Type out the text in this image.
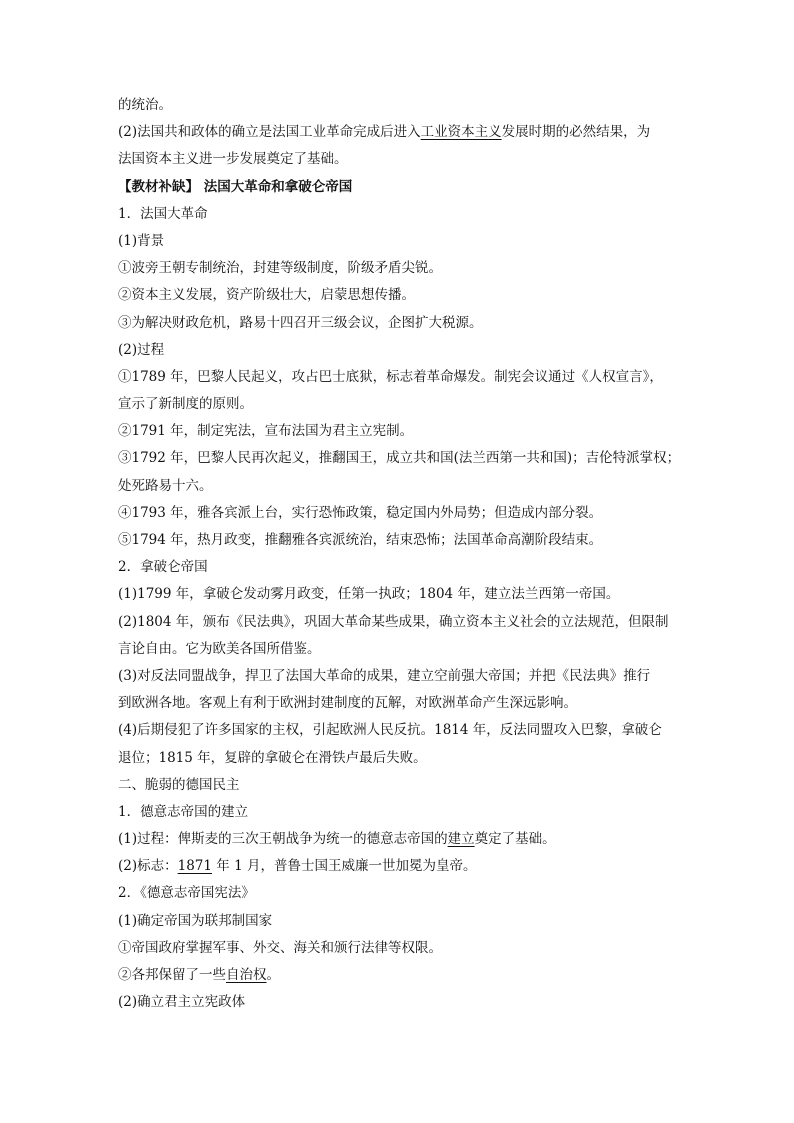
的统治。
(2)法国共和政体的确立是法国工业革命完成后进入工业资本主义发展时期的必然结果，为
法国资本主义进一步发展奠定了基础。
【教材补缺】 法国大革命和拿破仑帝国
1．法国大革命
(1)背景
①波旁王朝专制统治，封建等级制度，阶级矛盾尖锐。
②资本主义发展，资产阶级壮大，启蒙思想传播。
③为解决财政危机，路易十四召开三级会议，企图扩大税源。
(2)过程
①1789 年，巴黎人民起义，攻占巴士底狱，标志着革命爆发。制宪会议通过《人权宣言》，
宣示了新制度的原则。
②1791 年，制定宪法，宣布法国为君主立宪制。
③1792 年，巴黎人民再次起义，推翻国王，成立共和国(法兰西第一共和国)；吉伦特派掌权；
处死路易十六。
④1793 年，雅各宾派上台，实行恐怖政策，稳定国内外局势；但造成内部分裂。
⑤1794 年，热月政变，推翻雅各宾派统治，结束恐怖；法国革命高潮阶段结束。
2．拿破仑帝国
(1)1799 年，拿破仑发动雾月政变，任第一执政；1804 年，建立法兰西第一帝国。
(2)1804 年，颁布《民法典》，巩固大革命某些成果，确立资本主义社会的立法规范，但限制
言论自由。它为欧美各国所借鉴。
(3)对反法同盟战争，捍卫了法国大革命的成果，建立空前强大帝国；并把《民法典》推行
到欧洲各地。客观上有利于欧洲封建制度的瓦解，对欧洲革命产生深远影响。
(4)后期侵犯了许多国家的主权，引起欧洲人民反抗。1814 年，反法同盟攻入巴黎，拿破仑
退位；1815 年，复辟的拿破仑在滑铁卢最后失败。
二、脆弱的德国民主
1．德意志帝国的建立
(1)过程：俾斯麦的三次王朝战争为统一的德意志帝国的建立奠定了基础。
(2)标志：1871 年 1 月，普鲁士国王威廉一世加冕为皇帝。
2．《德意志帝国宪法》
(1)确定帝国为联邦制国家
①帝国政府掌握军事、外交、海关和颁行法律等权限。
②各邦保留了一些自治权。
(2)确立君主立宪政体
